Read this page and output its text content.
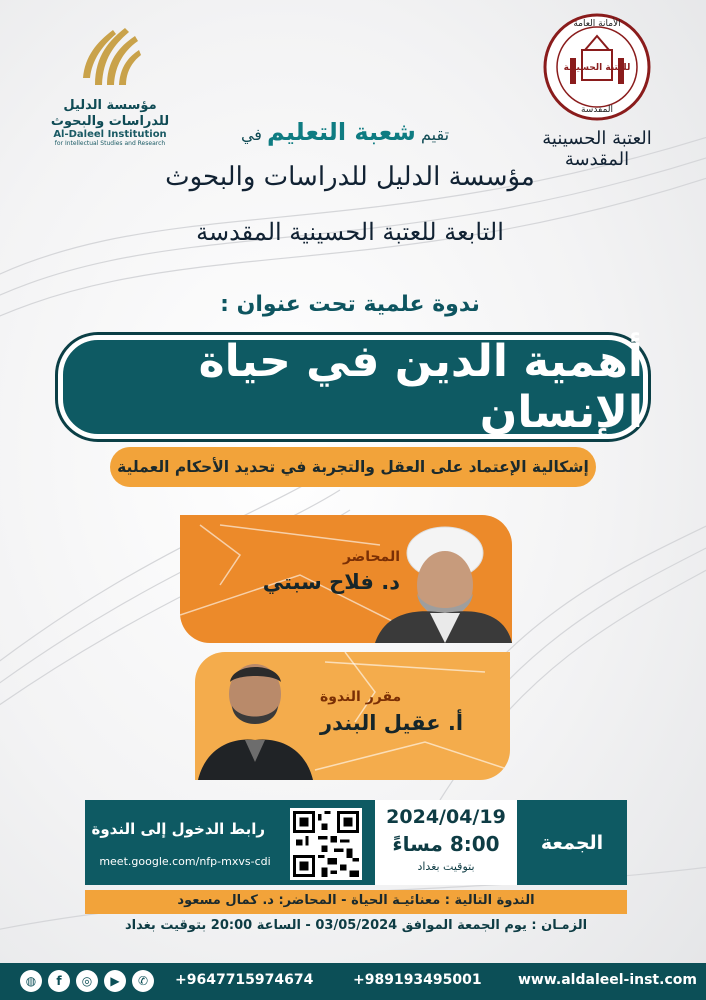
مؤسسة الدليل للدراسات والبحوث
Al-Daleel Institution
for Intellectual Studies and Research
الأمانة العامة
للعتبة الحسينية
المقدسة
العتبة الحسينية المقدسة
تقيم شعبة التعليم في
مؤسسة الدليل للدراسات والبحوث
التابعة للعتبة الحسينية المقدسة
ندوة علمية تحت عنوان :
أهمية الدين في حياة الإنسان
إشكالية الإعتماد على العقل والتجربة في تحديد الأحكام العملية
المحاضر
د. فلاح سبتي
مقرر الندوة
أ. عقيل البندر
رابط الدخول إلى الندوة
meet.google.com/nfp-mxvs-cdi
2024/04/19
8:00 مساءً
بتوقيت بغداد
الجمعة
الندوة التالية : معنائيـة الحياة - المحاضر: د. كمال مسعود
الزمـان : يوم الجمعة الموافق 03/05/2024 - الساعة 20:00 بتوقيت بغداد
◍	f	◎	▶	✆	+9647715974674	+989193495001	www.aldaleel-inst.com
